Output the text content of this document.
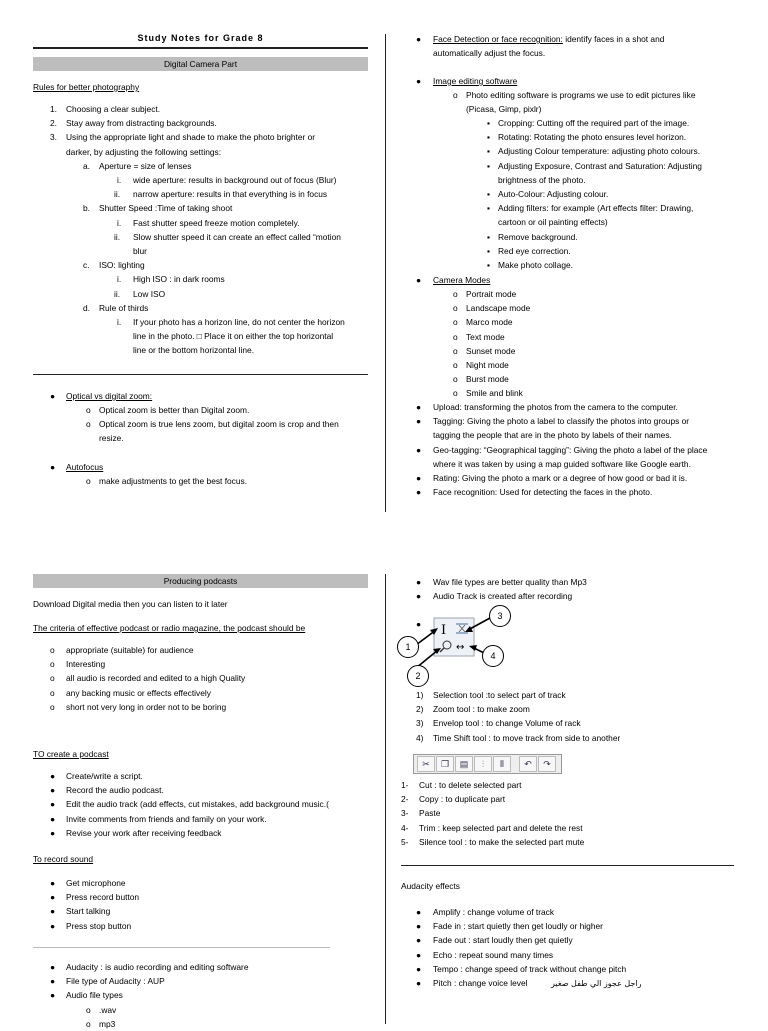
Study Notes for Grade 8
Digital Camera Part
Rules for better photography
1. Choosing a clear subject.
2. Stay away from distracting backgrounds.
3. Using the appropriate light and shade to make the photo brighter or
darker, by adjusting the following settings:
a. Aperture = size of lenses
i. wide aperture: results in background out of focus (Blur)
ii. narrow aperture: results in that everything is in focus
b. Shutter Speed :Time of taking shoot
i. Fast shutter speed freeze motion completely.
ii. Slow shutter speed it can create an effect called “motion
blur
c. ISO: lighting
i. High ISO : in dark rooms
ii. Low ISO
d. Rule of thirds
i. If your photo has a horizon line, do not center the horizon
line in the photo. □ Place it on either the top horizontal
line or the bottom horizontal line.
● Optical vs digital zoom:
o Optical zoom is better than Digital zoom.
o Optical zoom is true lens zoom, but digital zoom is crop and then
resize.
● Autofocus
o make adjustments to get the best focus.
● Face Detection or face recognition: identify faces in a shot and
automatically adjust the focus.
● Image editing software
o Photo editing software is programs we use to edit pictures like
(Picasa, Gimp, pixlr)
▪ Cropping: Cutting off the required part of the image.
▪ Rotating: Rotating the photo ensures level horizon.
▪ Adjusting Colour temperature: adjusting photo colours.
▪ Adjusting Exposure, Contrast and Saturation: Adjusting
brightness of the photo.
▪ Auto-Colour: Adjusting colour.
▪ Adding filters: for example (Art effects filter: Drawing,
cartoon or oil painting effects)
▪ Remove background.
▪ Red eye correction.
▪ Make photo collage.
● Camera Modes
o Portrait mode
o Landscape mode
o Marco mode
o Text mode
o Sunset mode
o Night mode
o Burst mode
o Smile and blink
● Upload: transforming the photos from the camera to the computer.
● Tagging: Giving the photo a label to classify the photos into groups or
tagging the people that are in the photo by labels of their names.
● Geo-tagging: “Geographical tagging”: Giving the photo a label of the place
where it was taken by using a map guided software like Google earth.
● Rating: Giving the photo a mark or a degree of how good or bad it is.
● Face recognition: Used for detecting the faces in the photo.
Producing podcasts
Download Digital media then you can listen to it later
The criteria of effective podcast or radio magazine, the podcast should be
o appropriate (suitable) for audience
o Interesting
o all audio is recorded and edited to a high Quality
o any backing music or effects effectively
o short not very long in order not to be boring
TO create a podcast
● Create/write a script.
● Record the audio podcast.
● Edit the audio track (add effects, cut mistakes, add background music.(
● Invite comments from friends and family on your work.
● Revise your work after receiving feedback
To record sound
● Get microphone
● Press record button
● Start talking
● Press stop button
● Audacity : is audio recording and editing software
● File type of Audacity : AUP
● Audio file types
o .wav
o mp3
● Wav file types are better quality than Mp3
● Audio Track is created after recording
● I
↔
1
2
3
4
1) Selection tool :to select part of track
2) Zoom tool : to make zoom
3) Envelop tool : to change Volume of rack
4) Time Shift tool : to move track from side to another
✂	❐	▤	⫶	⦀	↶	↷
1- Cut : to delete selected part
2- Copy : to duplicate part
3- Paste
4- Trim : keep selected part and delete the rest
5- Silence tool : to make the selected part mute
Audacity effects
● Amplify : change volume of track
● Fade in : start quietly then get loudly or higher
● Fade out : start loudly then get quietly
● Echo : repeat sound many times
● Tempo : change speed of track without change pitch
● Pitch : change voice level	راجل عجوز الي طفل صغير
